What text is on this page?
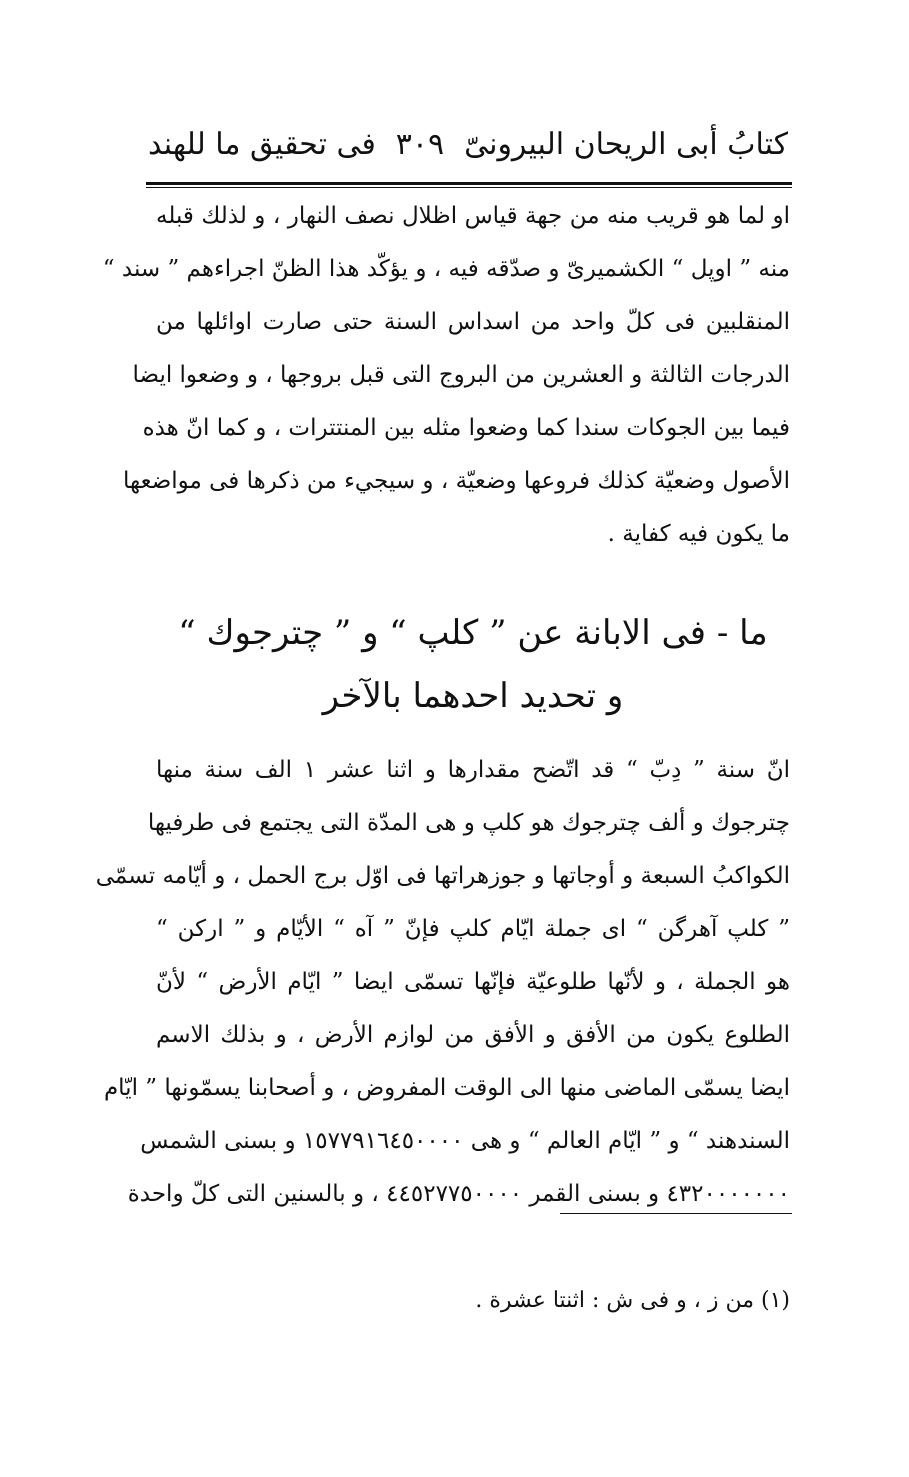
كتابُ أبى الريحان البيرونىّ
٣٠٩
فى تحقيق ما للهند
او لما هو قريب منه من جهة قياس اظلال نصف النهار ، و لذلك قبله
منه ” اوپل “ الكشميرىّ و صدّقه فيه ، و يؤكّد هذا الظنّ اجراءهم ” سند “
المنقلبين فى كلّ واحد من اسداس السنة حتى صارت اوائلها من
الدرجات الثالثة و العشرين من البروج التى قبل بروجها ، و وضعوا ايضا
فيما بين الجوكات سندا كما وضعوا مثله بين المنتترات ، و كما انّ هذه
الأصول وضعيّة كذلك فروعها وضعيّة ، و سيجيء من ذكرها فى مواضعها
ما يكون فيه كفاية .
ما - فى الابانة عن ” كلپ “ و ” چترجوك “
و تحديد احدهما بالآخر
انّ سنة ” دِبّ “ قد اتّضح مقدارها و اثنا عشر ١ الف سنة منها
چترجوك و ألف چترجوك هو كلپ و هى المدّة التى يجتمع فى طرفيها
الكواكبُ السبعة و أوجاتها و جوزهراتها فى اوّل برج الحمل ، و أيّامه تسمّى
” كلپ آهرگن “ اى جملة ايّام كلپ فإنّ ” آه “ الأيّام و ” اركن “
هو الجملة ، و لأنّها طلوعيّة فإنّها تسمّى ايضا ” ايّام الأرض “ لأنّ
الطلوع يكون من الأفق و الأفق من لوازم الأرض ، و بذلك الاسم
ايضا يسمّى الماضى منها الى الوقت المفروض ، و أصحابنا يسمّونها ” ايّام
السندهند “ و ” ايّام العالم “ و هى ١٥٧٧٩١٦٤٥٠٠٠٠ و بسنى الشمس
٤٣٢٠٠٠٠٠٠٠ و بسنى القمر ٤٤٥٢٧٧٥٠٠٠٠ ، و بالسنين التى كلّ واحدة
(١) من ز ، و فى ش : اثنتا عشرة .
